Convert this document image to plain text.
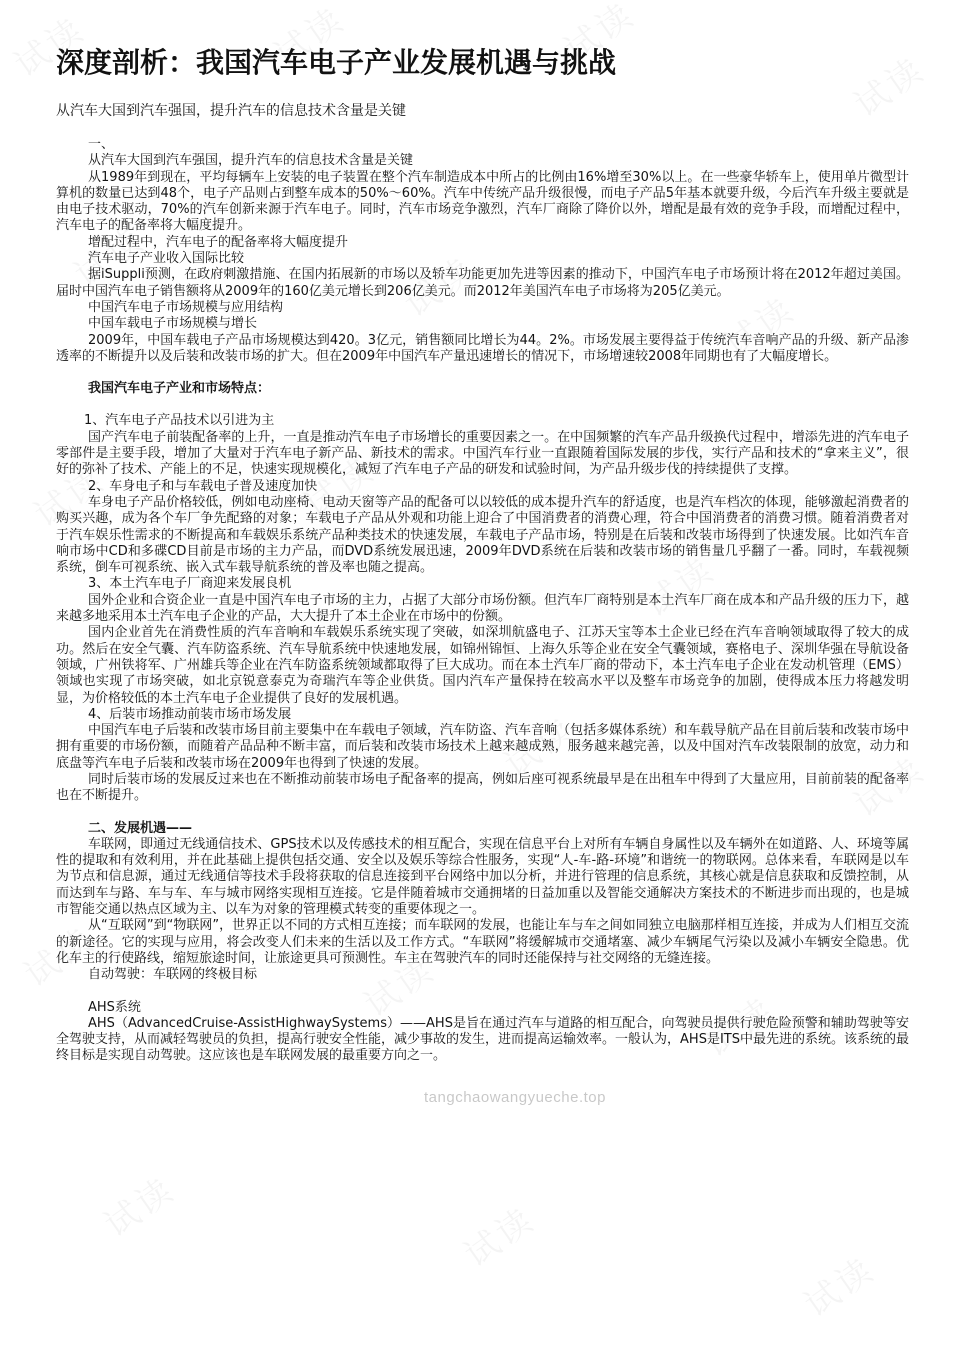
tangchaowangyueche.top
深度剖析：我国汽车电子产业发展机遇与挑战

从汽车大国到汽车强国，提升汽车的信息技术含量是关键

一、

从汽车大国到汽车强国，提升汽车的信息技术含量是关键

从1989年到现在，平均每辆车上安装的电子装置在整个汽车制造成本中所占的比例由16%增至30%以上。在一些豪华轿车上，使用单片微型计算机的数量已达到48个，电子产品则占到整车成本的50%～60%。汽车中传统产品升级很慢，而电子产品5年基本就要升级，今后汽车升级主要就是由电子技术驱动，70%的汽车创新来源于汽车电子。同时，汽车市场竞争激烈，汽车厂商除了降价以外，增配是最有效的竞争手段，而增配过程中，汽车电子的配备率将大幅度提升。

增配过程中，汽车电子的配备率将大幅度提升

汽车电子产业收入国际比较

据iSuppli预测，在政府刺激措施、在国内拓展新的市场以及轿车功能更加先进等因素的推动下，中国汽车电子市场预计将在2012年超过美国。届时中国汽车电子销售额将从2009年的160亿美元增长到206亿美元。而2012年美国汽车电子市场将为205亿美元。

中国汽车电子市场规模与应用结构

中国车载电子市场规模与增长

2009年，中国车载电子产品市场规模达到420。3亿元，销售额同比增长为44。2%。市场发展主要得益于传统汽车音响产品的升级、新产品渗透率的不断提升以及后装和改装市场的扩大。但在2009年中国汽车产量迅速增长的情况下，市场增速较2008年同期也有了大幅度增长。

我国汽车电子产业和市场特点：

1、汽车电子产品技术以引进为主

国产汽车电子前装配备率的上升，一直是推动汽车电子市场增长的重要因素之一。在中国频繁的汽车产品升级换代过程中，增添先进的汽车电子零部件是主要手段，增加了大量对于汽车电子新产品、新技术的需求。中国汽车行业一直跟随着国际发展的步伐，实行产品和技术的“拿来主义”，很好的弥补了技术、产能上的不足，快速实现规模化，减短了汽车电子产品的研发和试验时间，为产品升级步伐的持续提供了支撑。

2、车身电子和与车载电子普及速度加快

车身电子产品价格较低，例如电动座椅、电动天窗等产品的配备可以以较低的成本提升汽车的舒适度，也是汽车档次的体现，能够激起消费者的购买兴趣，成为各个车厂争先配臵的对象；车载电子产品从外观和功能上迎合了中国消费者的消费心理，符合中国消费者的消费习惯。随着消费者对于汽车娱乐性需求的不断提高和车载娱乐系统产品种类技术的快速发展，车载电子产品市场，特别是在后装和改装市场得到了快速发展。比如汽车音响市场中CD和多碟CD目前是市场的主力产品，而DVD系统发展迅速，2009年DVD系统在后装和改装市场的销售量几乎翻了一番。同时，车载视频系统，倒车可视系统、嵌入式车载导航系统的普及率也随之提高。

3、本土汽车电子厂商迎来发展良机

国外企业和合资企业一直是中国汽车电子市场的主力，占据了大部分市场份额。但汽车厂商特别是本土汽车厂商在成本和产品升级的压力下，越来越多地采用本土汽车电子企业的产品，大大提升了本土企业在市场中的份额。

国内企业首先在消费性质的汽车音响和车载娱乐系统实现了突破，如深圳航盛电子、江苏天宝等本土企业已经在汽车音响领域取得了较大的成功。然后在安全气囊、汽车防盗系统、汽车导航系统中快速地发展，如锦州锦恒、上海久乐等企业在安全气囊领域，赛格电子、深圳华强在导航设备领域，广州铁将军、广州雄兵等企业在汽车防盗系统领域都取得了巨大成功。而在本土汽车厂商的带动下，本土汽车电子企业在发动机管理（EMS）领域也实现了市场突破，如北京锐意泰克为奇瑞汽车等企业供货。国内汽车产量保持在较高水平以及整车市场竞争的加剧，使得成本压力将越发明显，为价格较低的本土汽车电子企业提供了良好的发展机遇。

4、后装市场推动前装市场市场发展

中国汽车电子后装和改装市场目前主要集中在车载电子领域，汽车防盗、汽车音响（包括多媒体系统）和车载导航产品在目前后装和改装市场中拥有重要的市场份额，而随着产品品种不断丰富，而后装和改装市场技术上越来越成熟，服务越来越完善，以及中国对汽车改装限制的放宽，动力和底盘等汽车电子后装和改装市场在2009年也得到了快速的发展。

同时后装市场的发展反过来也在不断推动前装市场电子配备率的提高，例如后座可视系统最早是在出租车中得到了大量应用，目前前装的配备率也在不断提升。

二、发展机遇——

车联网，即通过无线通信技术、GPS技术以及传感技术的相互配合，实现在信息平台上对所有车辆自身属性以及车辆外在如道路、人、环境等属性的提取和有效利用，并在此基础上提供包括交通、安全以及娱乐等综合性服务，实现“人-车-路-环境”和谐统一的物联网。总体来看，车联网是以车为节点和信息源，通过无线通信等技术手段将获取的信息连接到平台网络中加以分析，并进行管理的信息系统，其核心就是信息获取和反馈控制，从而达到车与路、车与车、车与城市网络实现相互连接。它是伴随着城市交通拥堵的日益加重以及智能交通解决方案技术的不断进步而出现的，也是城市智能交通以热点区域为主、以车为对象的管理模式转变的重要体现之一。

从“互联网”到“物联网”，世界正以不同的方式相互连接；而车联网的发展，也能让车与车之间如同独立电脑那样相互连接，并成为人们相互交流的新途径。它的实现与应用，将会改变人们未来的生活以及工作方式。“车联网”将缓解城市交通堵塞、减少车辆尾气污染以及减小车辆安全隐患。优化车主的行使路线，缩短旅途时间，让旅途更具可预测性。车主在驾驶汽车的同时还能保持与社交网络的无缝连接。

自动驾驶：车联网的终极目标

AHS系统

AHS（AdvancedCruise-AssistHighwaySystems）——AHS是旨在通过汽车与道路的相互配合，向驾驶员提供行驶危险预警和辅助驾驶等安全驾驶支持，从而减轻驾驶员的负担，提高行驶安全性能，减少事故的发生，进而提高运输效率。一般认为，AHS是ITS中最先进的系统。该系统的最终目标是实现自动驾驶。这应该也是车联网发展的最重要方向之一。
